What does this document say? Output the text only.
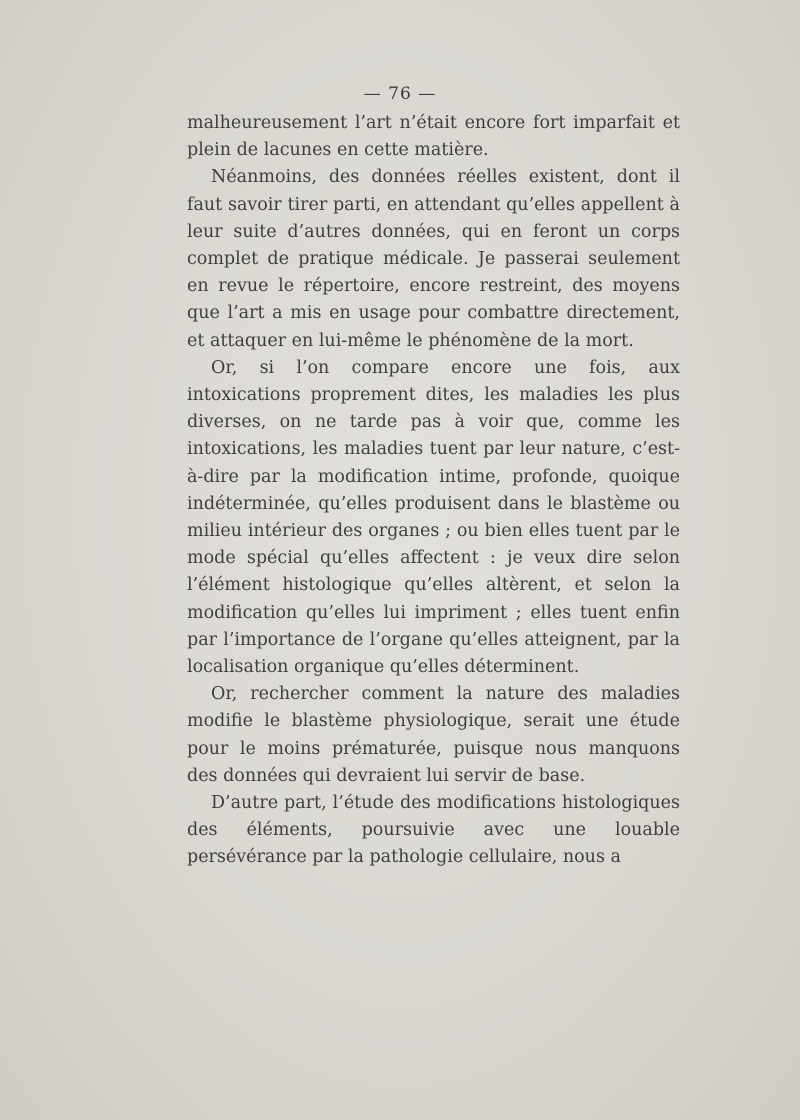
— 76 —

malheureusement l’art n’était encore fort imparfait et plein de lacunes en cette matière.

Néanmoins, des données réelles existent, dont il faut savoir tirer parti, en attendant qu’elles appellent à leur suite d’autres données, qui en feront un corps complet de pratique médicale. Je passerai seulement en revue le répertoire, encore restreint, des moyens que l’art a mis en usage pour combattre directement, et attaquer en lui-même le phénomène de la mort.

Or, si l’on compare encore une fois, aux intoxications proprement dites, les maladies les plus diverses, on ne tarde pas à voir que, comme les intoxications, les maladies tuent par leur nature, c’est-à-dire par la modification intime, profonde, quoique indéterminée, qu’elles produisent dans le blastème ou milieu intérieur des organes ; ou bien elles tuent par le mode spécial qu’elles affectent : je veux dire selon l’élément histologique qu’elles altèrent, et selon la modification qu’elles lui impriment ; elles tuent enfin par l’importance de l’organe qu’elles atteignent, par la localisation organique qu’elles déterminent.

Or, rechercher comment la nature des maladies modifie le blastème physiologique, serait une étude pour le moins prématurée, puisque nous manquons des données qui devraient lui servir de base.

D’autre part, l’étude des modifications histologiques des éléments, poursuivie avec une louable persévérance par la pathologie cellulaire, nous a
